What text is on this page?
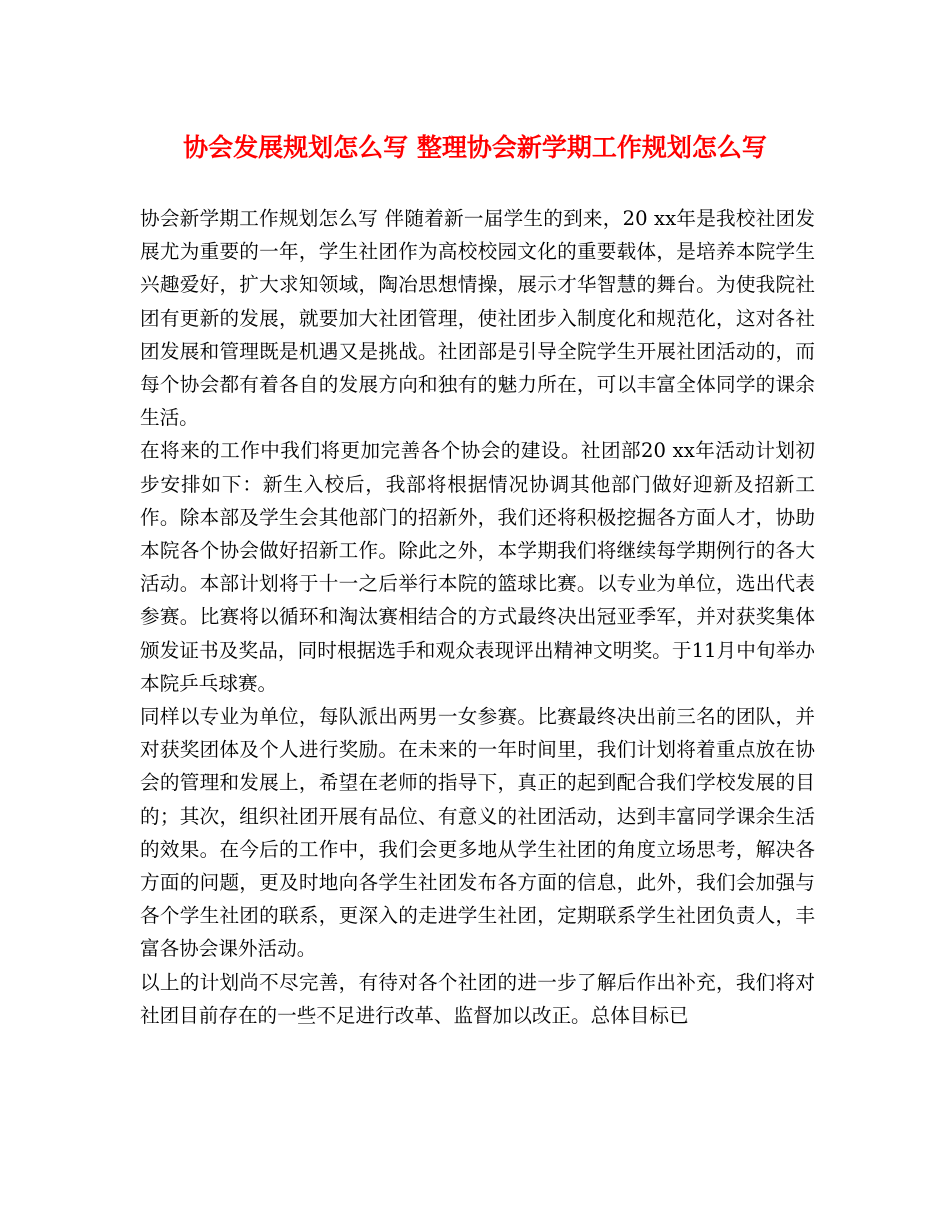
协会发展规划怎么写 整理协会新学期工作规划怎么写

协会新学期工作规划怎么写 伴随着新一届学生的到来，20 xx年是我校社团发展尤为重要的一年，学生社团作为高校校园文化的重要载体，是培养本院学生兴趣爱好，扩大求知领域，陶冶思想情操，展示才华智慧的舞台。为使我院社团有更新的发展，就要加大社团管理，使社团步入制度化和规范化，这对各社团发展和管理既是机遇又是挑战。社团部是引导全院学生开展社团活动的，而每个协会都有着各自的发展方向和独有的魅力所在，可以丰富全体同学的课余生活。

在将来的工作中我们将更加完善各个协会的建设。社团部20 xx年活动计划初步安排如下：新生入校后，我部将根据情况协调其他部门做好迎新及招新工作。除本部及学生会其他部门的招新外，我们还将积极挖掘各方面人才，协助本院各个协会做好招新工作。除此之外，本学期我们将继续每学期例行的各大活动。本部计划将于十一之后举行本院的篮球比赛。以专业为单位，选出代表参赛。比赛将以循环和淘汰赛相结合的方式最终决出冠亚季军，并对获奖集体颁发证书及奖品，同时根据选手和观众表现评出精神文明奖。于11月中旬举办本院乒乓球赛。

同样以专业为单位，每队派出两男一女参赛。比赛最终决出前三名的团队，并对获奖团体及个人进行奖励。在未来的一年时间里，我们计划将着重点放在协会的管理和发展上，希望在老师的指导下，真正的起到配合我们学校发展的目的；其次，组织社团开展有品位、有意义的社团活动，达到丰富同学课余生活的效果。在今后的工作中，我们会更多地从学生社团的角度立场思考，解决各方面的问题，更及时地向各学生社团发布各方面的信息，此外，我们会加强与各个学生社团的联系，更深入的走进学生社团，定期联系学生社团负责人，丰富各协会课外活动。

以上的计划尚不尽完善，有待对各个社团的进一步了解后作出补充，我们将对社团目前存在的一些不足进行改革、监督加以改正。总体目标已
